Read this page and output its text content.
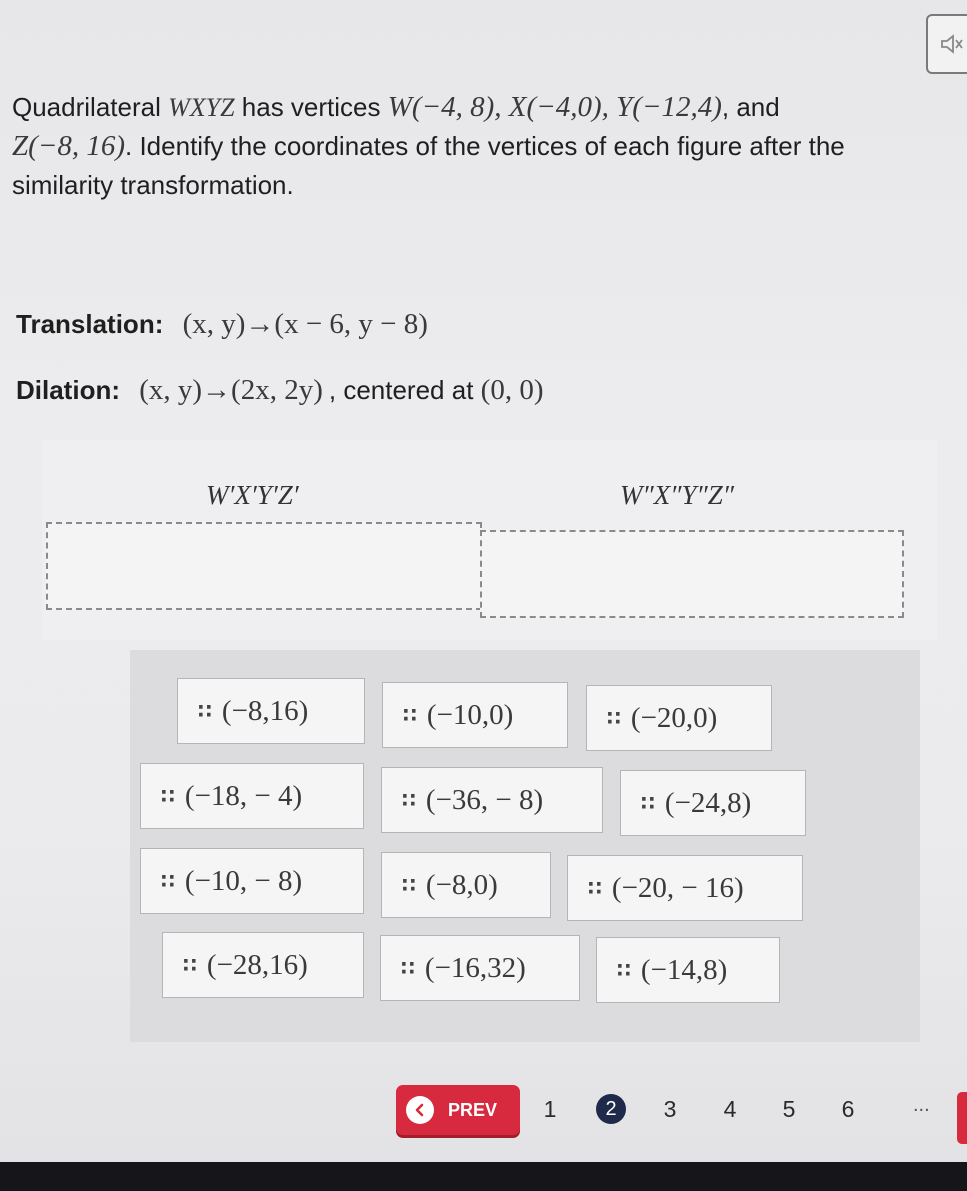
Quadrilateral WXYZ has vertices W(−4, 8), X(−4,0), Y(−12,4), and
Z(−8, 16). Identify the coordinates of the vertices of each figure after the
similarity transformation.
Translation: (x, y)→(x − 6, y − 8)
Dilation: (x, y)→(2x, 2y) , centered at (0, 0)
W′X′Y′Z′	W″X″Y″Z″
∷ (−8,16)	∷ (−10,0)	∷ (−20,0)
∷ (−18, − 4)	∷ (−36, − 8)	∷ (−24,8)
∷ (−10, − 8)	∷ (−8,0)	∷ (−20, − 16)
∷ (−28,16)	∷ (−16,32)	∷ (−14,8)
PREV	1	2	3	4	5	6	...
